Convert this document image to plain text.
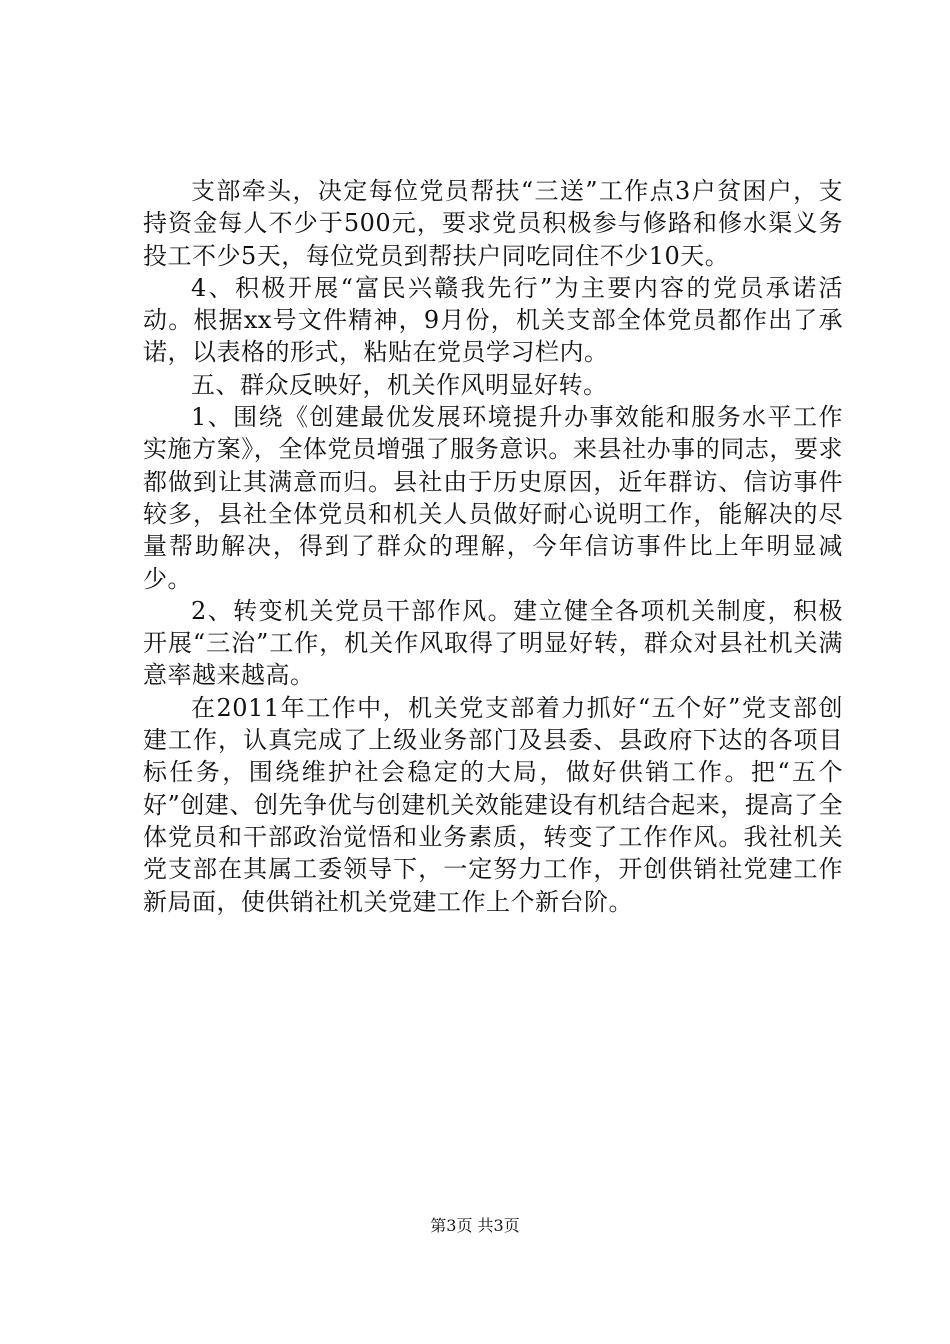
支部牵头，决定每位党员帮扶“三送”工作点3户贫困户，支持资金每人不少于500元，要求党员积极参与修路和修水渠义务投工不少5天，每位党员到帮扶户同吃同住不少10天。

4、积极开展“富民兴赣我先行”为主要内容的党员承诺活动。根据xx号文件精神，9月份，机关支部全体党员都作出了承诺，以表格的形式，粘贴在党员学习栏内。

五、群众反映好，机关作风明显好转。

1、围绕《创建最优发展环境提升办事效能和服务水平工作实施方案》，全体党员增强了服务意识。来县社办事的同志，要求都做到让其满意而归。县社由于历史原因，近年群访、信访事件较多，县社全体党员和机关人员做好耐心说明工作，能解决的尽量帮助解决，得到了群众的理解，今年信访事件比上年明显减少。

2、转变机关党员干部作风。建立健全各项机关制度，积极开展“三治”工作，机关作风取得了明显好转，群众对县社机关满意率越来越高。

在2011年工作中，机关党支部着力抓好“五个好”党支部创建工作，认真完成了上级业务部门及县委、县政府下达的各项目标任务，围绕维护社会稳定的大局，做好供销工作。把“五个好”创建、创先争优与创建机关效能建设有机结合起来，提高了全体党员和干部政治觉悟和业务素质，转变了工作作风。我社机关党支部在其属工委领导下，一定努力工作，开创供销社党建工作新局面，使供销社机关党建工作上个新台阶。

第3页 共3页
